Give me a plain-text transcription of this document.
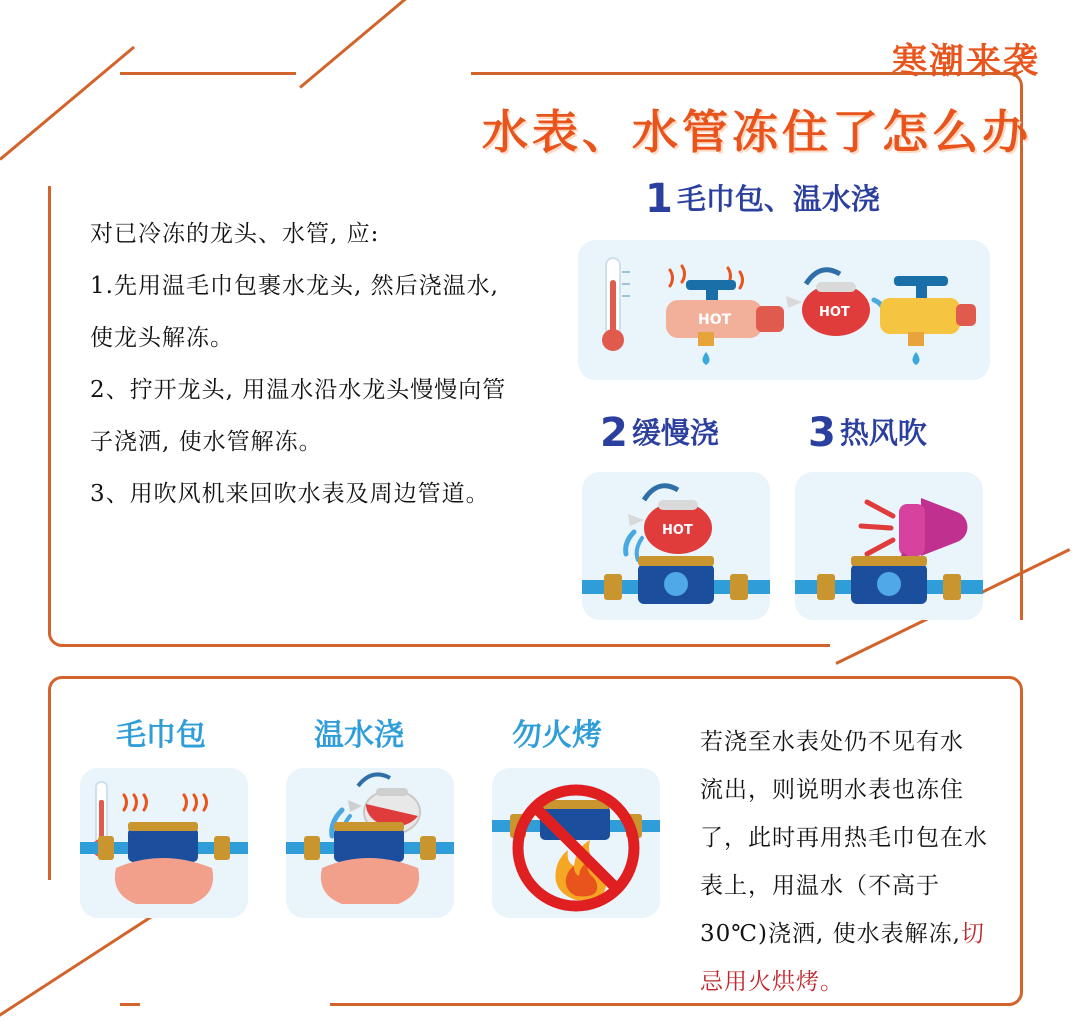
寒潮来袭
水表、水管冻住了怎么办

对已冷冻的龙头、水管, 应:

1.先用温毛巾包裹水龙头, 然后浇温水,

使龙头解冻。

2、拧开龙头, 用温水沿水龙头慢慢向管

子浇洒, 使水管解冻。

3、用吹风机来回吹水表及周边管道。

1 毛巾包、温水浇
HOT	HOT
2 缓慢浇
HOT
3 热风吹
毛巾包	温水浇	勿火烤	若浇至水表处仍不见有水
流出，则说明水表也冻住
了，此时再用热毛巾包在水
表上，用温水（不高于
30℃)浇洒, 使水表解冻,切
忌用火烘烤。
